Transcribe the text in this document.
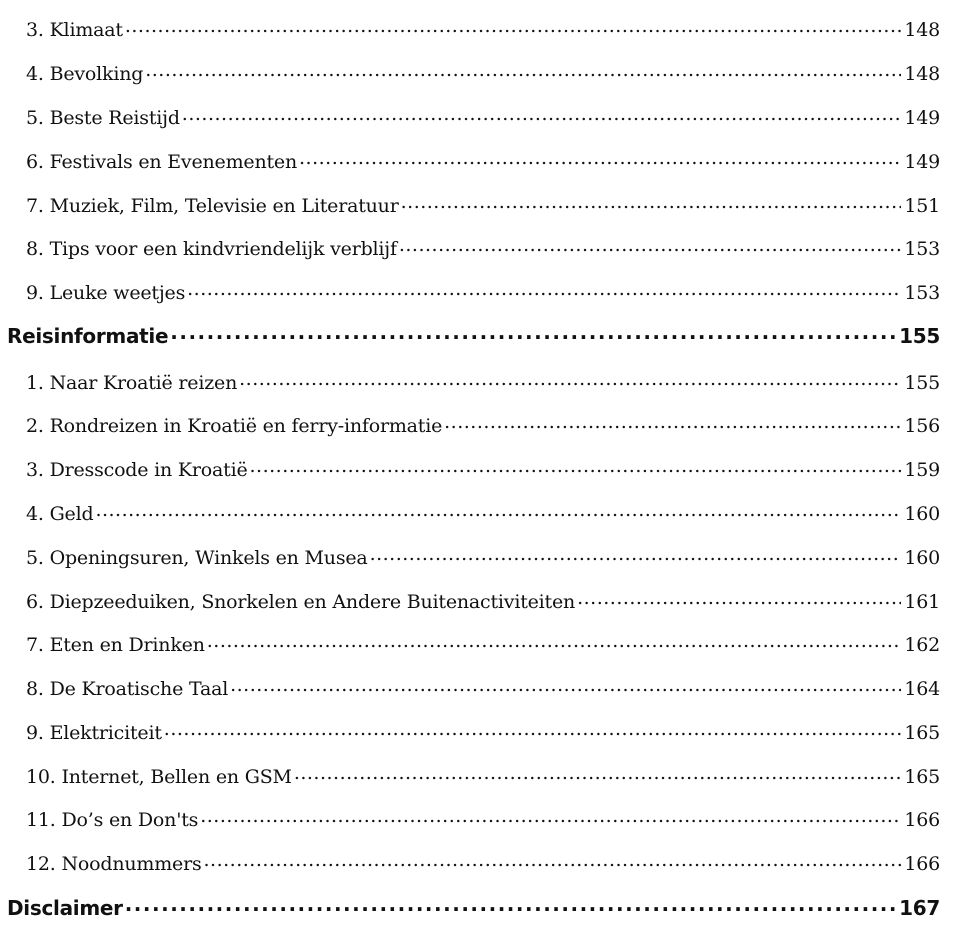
3. Klimaat .....	148
4. Bevolking .....	148
5. Beste Reistijd .....	149
6. Festivals en Evenementen .....	149
7. Muziek, Film, Televisie en Literatuur .....	151
8. Tips voor een kindvriendelijk verblijf .....	153
9. Leuke weetjes .....	153
Reisinformatie .....	155
1. Naar Kroatië reizen .....	155
2. Rondreizen in Kroatië en ferry-informatie .....	156
3. Dresscode in Kroatië .....	159
4. Geld .....	160
5. Openingsuren, Winkels en Musea .....	160
6. Diepzeeduiken, Snorkelen en Andere Buitenactiviteiten .....	161
7. Eten en Drinken .....	162
8. De Kroatische Taal .....	164
9. Elektriciteit .....	165
10. Internet, Bellen en GSM .....	165
11. Do’s en Don'ts .....	166
12. Noodnummers .....	166
Disclaimer .....	167
